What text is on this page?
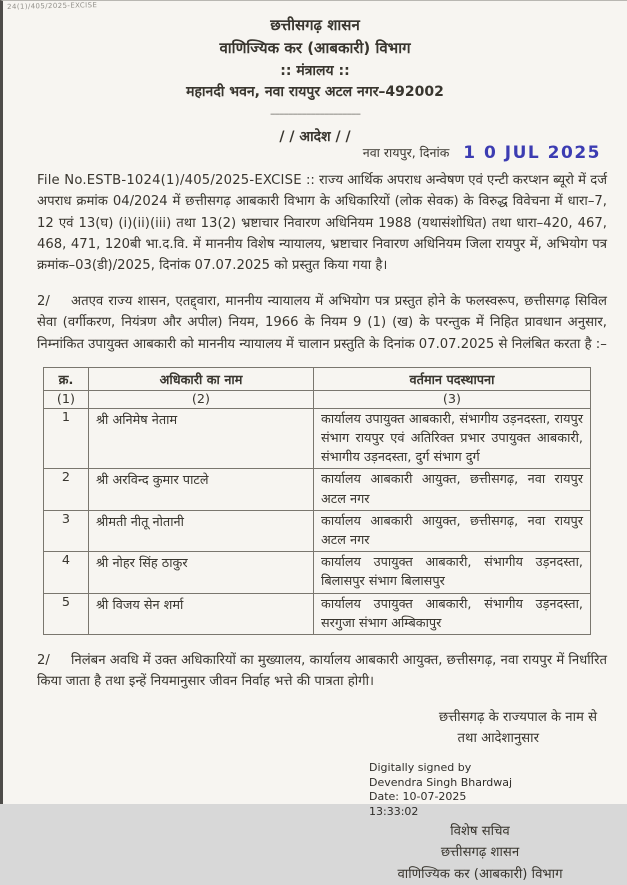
24(1)/405/2025-EXCISE
छत्तीसगढ़ शासन
वाणिज्यिक कर (आबकारी) विभाग
:: मंत्रालय ::
महानदी भवन, नवा रायपुर अटल नगर–492002
––––––––––––––––––––
/ / आदेश / /
नवा रायपुर, दिनांक 1 0 JUL 2025

File No.ESTB-1024(1)/405/2025-EXCISE :: राज्य आर्थिक अपराध अन्वेषण एवं एन्टी करप्शन ब्यूरो में दर्ज अपराध क्रमांक 04/2024 में छत्तीसगढ़ आबकारी विभाग के अधिकारियों (लोक सेवक) के विरुद्ध विवेचना में धारा–7, 12 एवं 13(घ) (i)(ii)(iii) तथा 13(2) भ्रष्टाचार निवारण अधिनियम 1988 (यथासंशोधित) तथा धारा–420, 467, 468, 471, 120बी भा.द.वि. में माननीय विशेष न्यायालय, भ्रष्टाचार निवारण अधिनियम जिला रायपुर में, अभियोग पत्र क्रमांक–03(डी)/2025, दिनांक 07.07.2025 को प्रस्तुत किया गया है।

2/ अतएव राज्य शासन, एतद्द्वारा, माननीय न्यायालय में अभियोग पत्र प्रस्तुत होने के फलस्वरूप, छत्तीसगढ़ सिविल सेवा (वर्गीकरण, नियंत्रण और अपील) नियम, 1966 के नियम 9 (1) (ख) के परन्तुक में निहित प्रावधान अनुसार, निम्नांकित उपायुक्त आबकारी को माननीय न्यायालय में चालान प्रस्तुति के दिनांक 07.07.2025 से निलंबित करता है :–

क्र.	अधिकारी का नाम	वर्तमान पदस्थापना
(1)	(2)	(3)
1	श्री अनिमेष नेताम	कार्यालय उपायुक्त आबकारी, संभागीय उड़नदस्ता, रायपुर संभाग रायपुर एवं अतिरिक्त प्रभार उपायुक्त आबकारी, संभागीय उड़नदस्ता, दुर्ग संभाग दुर्ग
2	श्री अरविन्द कुमार पाटले	कार्यालय आबकारी आयुक्त, छत्तीसगढ़, नवा रायपुर अटल नगर
3	श्रीमती नीतू नोतानी	कार्यालय आबकारी आयुक्त, छत्तीसगढ़, नवा रायपुर अटल नगर
4	श्री नोहर सिंह ठाकुर	कार्यालय उपायुक्त आबकारी, संभागीय उड़नदस्ता, बिलासपुर संभाग बिलासपुर
5	श्री विजय सेन शर्मा	कार्यालय उपायुक्त आबकारी, संभागीय उड़नदस्ता, सरगुजा संभाग अम्बिकापुर

2/ निलंबन अवधि में उक्त अधिकारियों का मुख्यालय, कार्यालय आबकारी आयुक्त, छत्तीसगढ़, नवा रायपुर में निर्धारित किया जाता है तथा इन्हें नियमानुसार जीवन निर्वाह भत्ते की पात्रता होगी।

छत्तीसगढ़ के राज्यपाल के नाम से
तथा आदेशानुसार
Digitally signed by
Devendra Singh Bhardwaj
Date: 10-07-2025
13:33:02
विशेष सचिव
छत्तीसगढ़ शासन
वाणिज्यिक कर (आबकारी) विभाग
